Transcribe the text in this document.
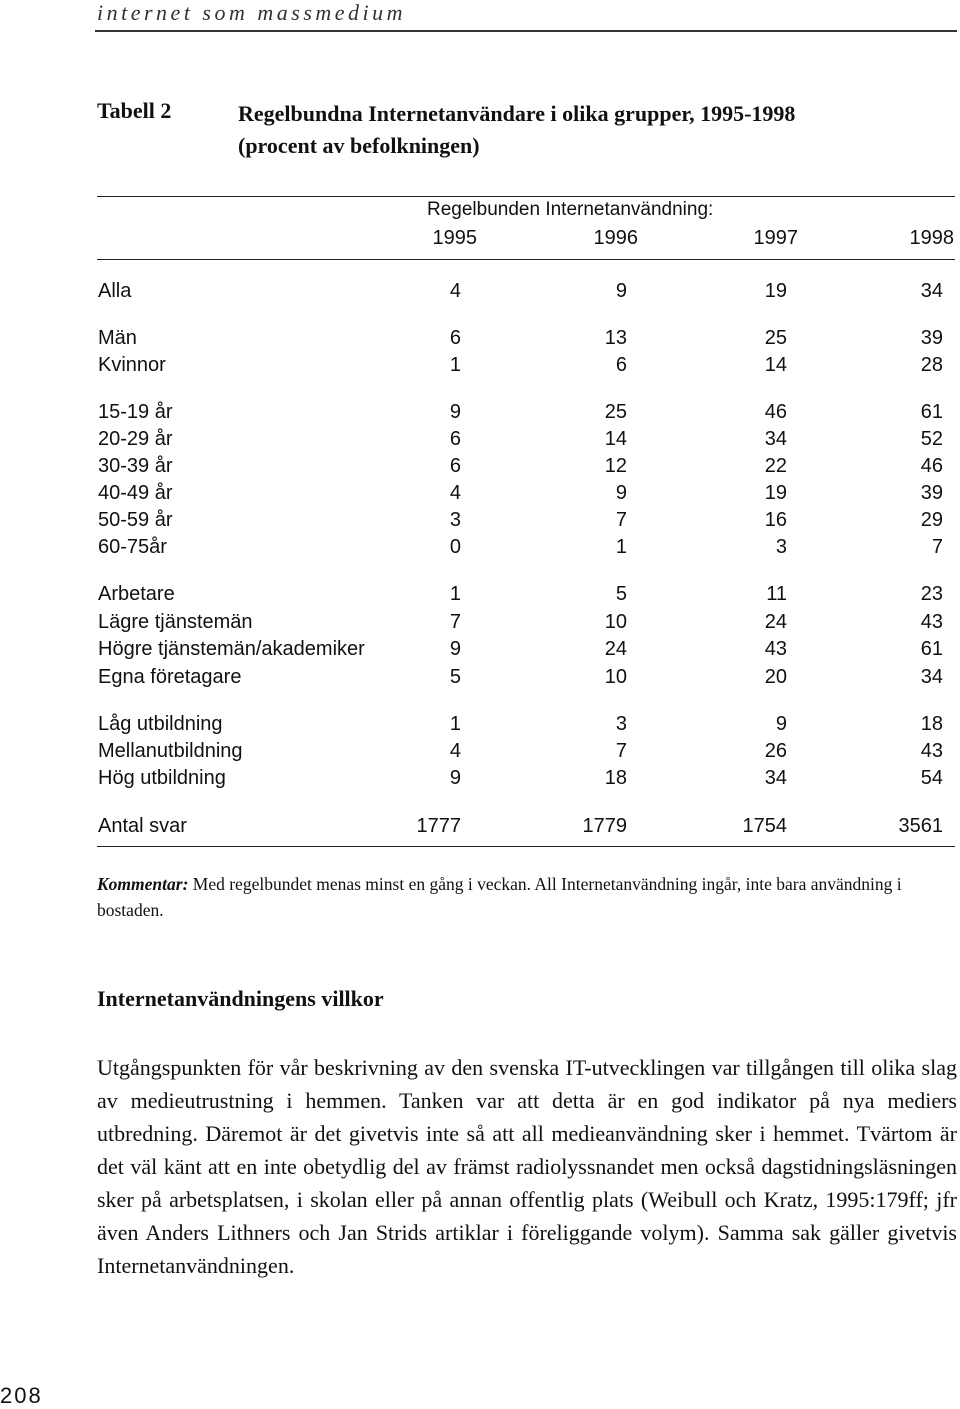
internet som massmedium
Tabell 2	Regelbundna Internetanvändare i olika grupper, 1995-1998
(procent av befolkningen)
Regelbunden Internetanvändning:
1995	1996	1997	1998
Alla	4	9	19	34
Män	6	13	25	39
Kvinnor	1	6	14	28
15-19 år	9	25	46	61
20-29 år	6	14	34	52
30-39 år	6	12	22	46
40-49 år	4	9	19	39
50-59 år	3	7	16	29
60-75år	0	1	3	7
Arbetare	1	5	11	23
Lägre tjänstemän	7	10	24	43
Högre tjänstemän/akademiker	9	24	43	61
Egna företagare	5	10	20	34
Låg utbildning	1	3	9	18
Mellanutbildning	4	7	26	43
Hög utbildning	9	18	34	54
Antal svar	1777	1779	1754	3561
Kommentar: Med regelbundet menas minst en gång i veckan. All Internetanvändning ingår, inte bara användning i bostaden.
Internetanvändningens villkor
Utgångspunkten för vår beskrivning av den svenska IT-utvecklingen var tillgången till olika slag av medieutrustning i hemmen. Tanken var att detta är en god indikator på nya mediers utbredning. Däremot är det givetvis inte så att all medieanvändning sker i hemmet. Tvärtom är det väl känt att en inte obetydlig del av främst radiolyssnandet men också dagstidningsläsningen sker på arbetsplatsen, i skolan eller på annan offentlig plats (Weibull och Kratz, 1995:179ff; jfr även Anders Lithners och Jan Strids artiklar i föreliggande volym). Samma sak gäller givetvis Internetanvändningen.
208
